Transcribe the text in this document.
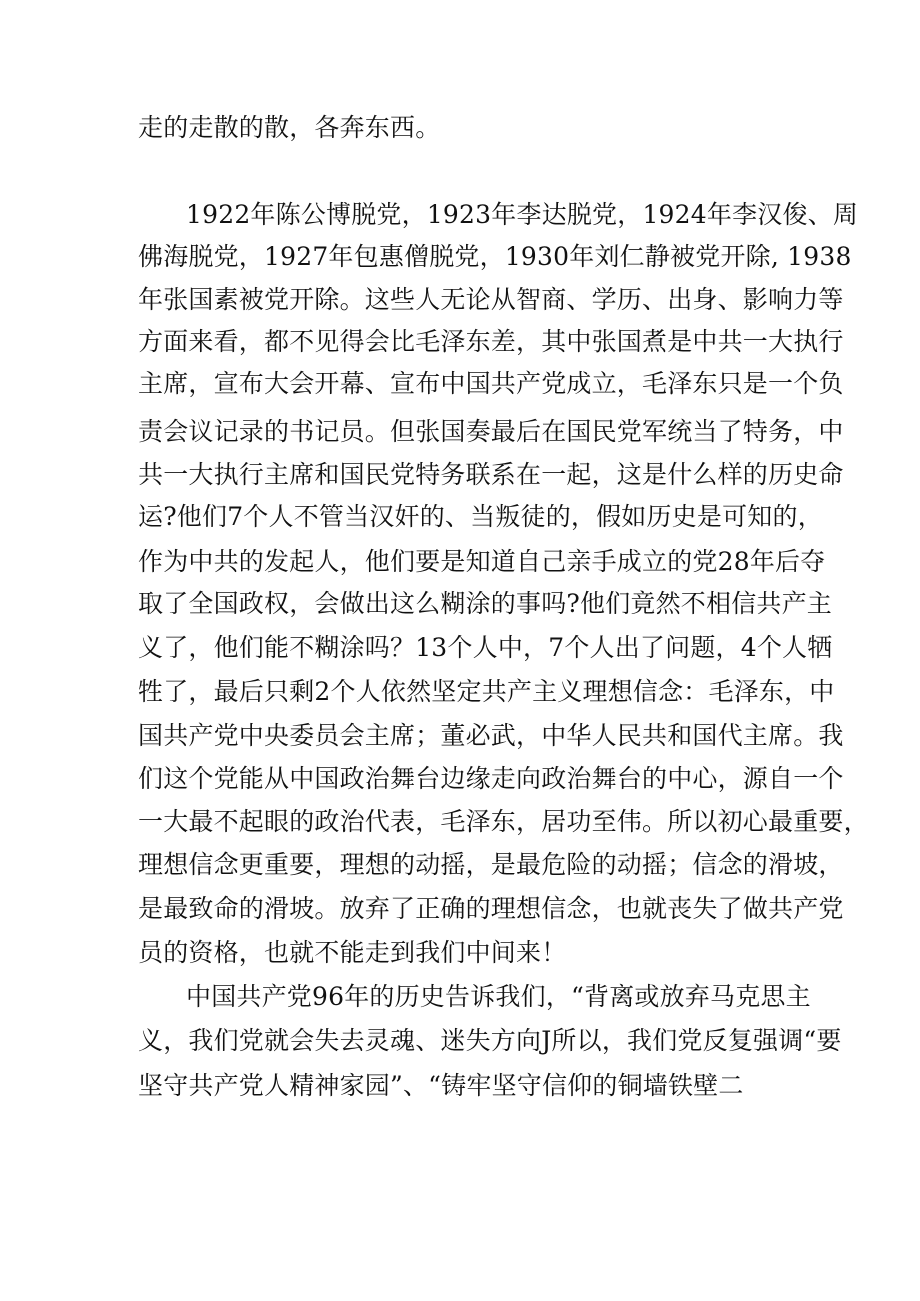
走的走散的散，各奔东西。
1922年陈公博脱党，1923年李达脱党，1924年李汉俊、周
佛海脱党，1927年包惠僧脱党，1930年刘仁静被党开除, 1938
年张国素被党开除。这些人无论从智商、学历、出身、影响力等
方面来看，都不见得会比毛泽东差，其中张国煮是中共一大执行
主席，宣布大会开幕、宣布中国共产党成立，毛泽东只是一个负
责会议记录的书记员。但张国奏最后在国民党军统当了特务，中
共一大执行主席和国民党特务联系在一起，这是什么样的历史命
运?他们7个人不管当汉奸的、当叛徒的，假如历史是可知的，
作为中共的发起人，他们要是知道自己亲手成立的党28年后夺
取了全国政权，会做出这么糊涂的事吗?他们竟然不相信共产主
义了，他们能不糊涂吗？13个人中，7个人出了问题，4个人牺
牲了，最后只剩2个人依然坚定共产主义理想信念：毛泽东，中
国共产党中央委员会主席；董必武，中华人民共和国代主席。我
们这个党能从中国政治舞台边缘走向政治舞台的中心，源自一个
一大最不起眼的政治代表，毛泽东，居功至伟。所以初心最重要，
理想信念更重要，理想的动摇，是最危险的动摇；信念的滑坡，
是最致命的滑坡。放弃了正确的理想信念，也就丧失了做共产党
员的资格，也就不能走到我们中间来！
中国共产党96年的历史告诉我们，“背离或放弃马克思主
义，我们党就会失去灵魂、迷失方向J所以，我们党反复强调“要
坚守共产党人精神家园”、“铸牢坚守信仰的铜墙铁壁二
